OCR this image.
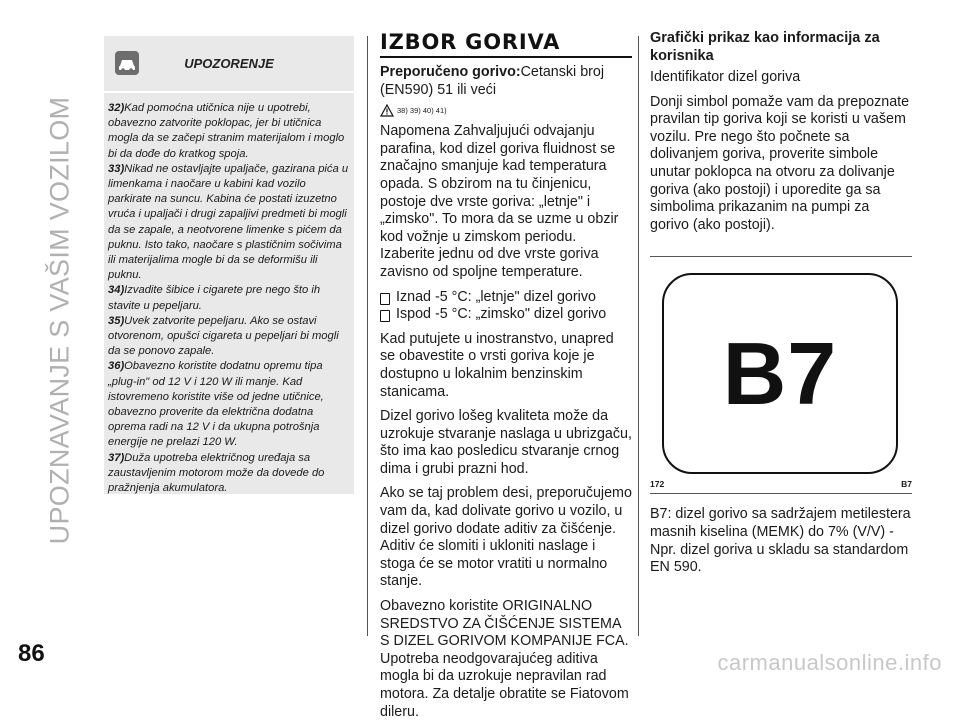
UPOZNAVANJE S VAŠIM VOZILOM
UPOZORENJE

32)Kad pomoćna utičnica nije u upotrebi, obavezno zatvorite poklopac, jer bi utičnica mogla da se začepi stranim materijalom i moglo bi da dođe do kratkog spoja.

33)Nikad ne ostavljajte upaljače, gazirana pića u limenkama i naočare u kabini kad vozilo parkirate na suncu. Kabina će postati izuzetno vruća i upaljači i drugi zapaljivi predmeti bi mogli da se zapale, a neotvorene limenke s pićem da puknu. Isto tako, naočare s plastičnim sočivima ili materijalima mogle bi da se deformišu ili puknu.

34)Izvadite šibice i cigarete pre nego što ih stavite u pepeljaru.

35)Uvek zatvorite pepeljaru. Ako se ostavi otvorenom, opušci cigareta u pepeljari bi mogli da se ponovo zapale.

36)Obavezno koristite dodatnu opremu tipa „plug-in" od 12 V i 120 W ili manje. Kad istovremeno koristite više od jedne utičnice, obavezno proverite da električna dodatna oprema radi na 12 V i da ukupna potrošnja energije ne prelazi 120 W.

37)Duža upotreba električnog uređaja sa zaustavljenim motorom može da dovede do pražnjenja akumulatora.

IZBOR GORIVA

Preporučeno gorivo:Cetanski broj (EN590) 51 ili veći

38) 39) 40) 41)

Napomena Zahvaljujući odvajanju parafina, kod dizel goriva fluidnost se značajno smanjuje kad temperatura opada. S obzirom na tu činjenicu, postoje dve vrste goriva: „letnje" i „zimsko". To mora da se uzme u obzir kod vožnje u zimskom periodu. Izaberite jednu od dve vrste goriva zavisno od spoljne temperature.

Iznad -5 °C: „letnje" dizel gorivo
Ispod -5 °C: „zimsko" dizel gorivo

Kad putujete u inostranstvo, unapred se obavestite o vrsti goriva koje je dostupno u lokalnim benzinskim stanicama.

Dizel gorivo lošeg kvaliteta može da uzrokuje stvaranje naslaga u ubrizgaču, što ima kao posledicu stvaranje crnog dima i grubi prazni hod.

Ako se taj problem desi, preporučujemo vam da, kad dolivate gorivo u vozilo, u dizel gorivo dodate aditiv za čišćenje. Aditiv će slomiti i ukloniti naslage i stoga će se motor vratiti u normalno stanje.

Obavezno koristite ORIGINALNO SREDSTVO ZA ČIŠĆENJE SISTEMA S DIZEL GORIVOM KOMPANIJE FCA. Upotreba neodgovarajućeg aditiva mogla bi da uzrokuje nepravilan rad motora. Za detalje obratite se Fiatovom dileru.

Grafički prikaz kao informacija za korisnika

Identifikator dizel goriva

Donji simbol pomaže vam da prepoznate pravilan tip goriva koji se koristi u vašem vozilu. Pre nego što počnete sa dolivanjem goriva, proverite simbole unutar poklopca na otvoru za dolivanje goriva (ako postoji) i uporedite ga sa simbolima prikazanim na pumpi za gorivo (ako postoji).

B7
172	B7

B7: dizel gorivo sa sadržajem metilestera masnih kiselina (MEMK) do 7% (V/V) - Npr. dizel goriva u skladu sa standardom EN 590.

86	carmanualsonline.info
